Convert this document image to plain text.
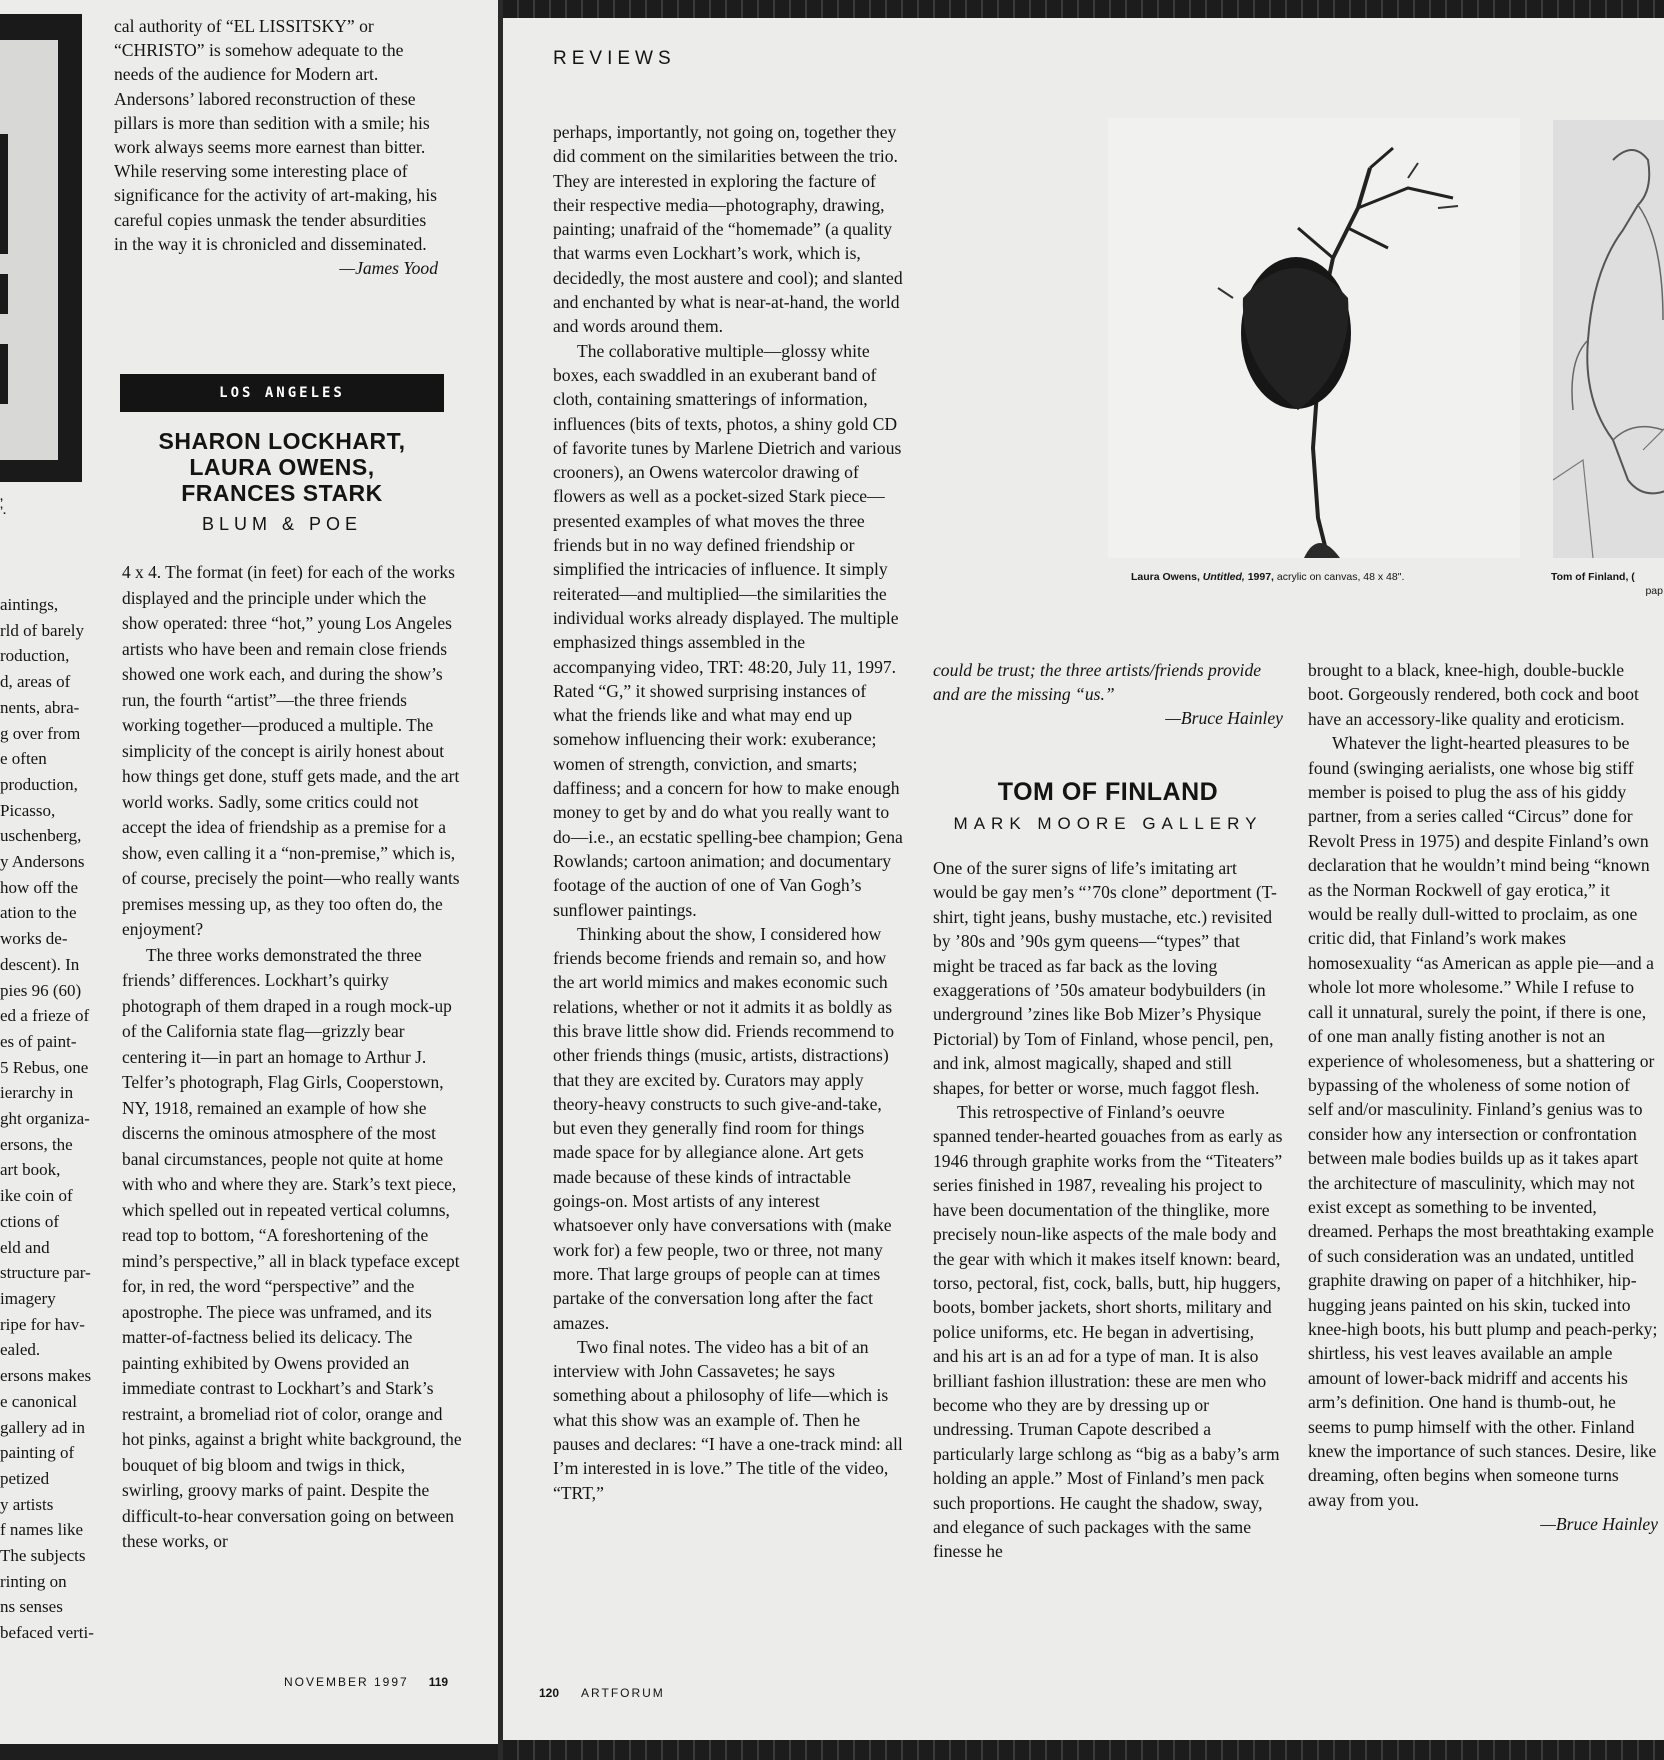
,
’.

cal authority of “EL LISSITSKY” or “CHRISTO” is somehow adequate to the needs of the audience for Modern art. Andersons’ labored reconstruction of these pillars is more than sedition with a smile; his work always seems more earnest than bitter. While reserving some interesting place of significance for the activity of art-making, his careful copies unmask the tender absurdities in the way it is chronicled and disseminated.

—James Yood

LOS ANGELES
SHARON LOCKHART,
LAURA OWENS,
FRANCES STARK
BLUM & POE
aintings,
rld of barely
roduction,
d, areas of
nents, abra-
g over from
e often
production,
Picasso,
uschenberg,
y Andersons
how off the
ation to the
works de-
descent). In
pies 96 (60)
ed a frieze of
es of paint-
5 Rebus, one
ierarchy in
ght organiza-
ersons, the
art book,
ike coin of
ctions of
eld and
structure par-
imagery
ripe for hav-
ealed.
ersons makes
e canonical
gallery ad in
painting of
petized
y artists
f names like
The subjects
rinting on
ns senses
befaced verti-

4 x 4. The format (in feet) for each of the works displayed and the principle under which the show operated: three “hot,” young Los Angeles artists who have been and remain close friends showed one work each, and during the show’s run, the fourth “artist”—the three friends working together—produced a multiple. The simplicity of the concept is airily honest about how things get done, stuff gets made, and the art world works. Sadly, some critics could not accept the idea of friendship as a premise for a show, even calling it a “non-premise,” which is, of course, precisely the point—who really wants premises messing up, as they too often do, the enjoyment?

The three works demonstrated the three friends’ differences. Lockhart’s quirky photograph of them draped in a rough mock-up of the California state flag—grizzly bear centering it—in part an homage to Arthur J. Telfer’s photograph, Flag Girls, Cooperstown, NY, 1918, remained an example of how she discerns the ominous atmosphere of the most banal circumstances, people not quite at home with who and where they are. Stark’s text piece, which spelled out in repeated vertical columns, read top to bottom, “A foreshortening of the mind’s perspective,” all in black typeface except for, in red, the word “perspective” and the apostrophe. The piece was unframed, and its matter-of-factness belied its delicacy. The painting exhibited by Owens provided an immediate contrast to Lockhart’s and Stark’s restraint, a bromeliad riot of color, orange and hot pinks, against a bright white background, the bouquet of big bloom and twigs in thick, swirling, groovy marks of paint. Despite the difficult-to-hear conversation going on between these works, or

NOVEMBER 1997 119
REVIEWS

perhaps, importantly, not going on, together they did comment on the similarities between the trio. They are interested in exploring the facture of their respective media—photography, drawing, painting; unafraid of the “homemade” (a quality that warms even Lockhart’s work, which is, decidedly, the most austere and cool); and slanted and enchanted by what is near-at-hand, the world and words around them.

The collaborative multiple—glossy white boxes, each swaddled in an exuberant band of cloth, containing smatterings of information, influences (bits of texts, photos, a shiny gold CD of favorite tunes by Marlene Dietrich and various crooners), an Owens watercolor drawing of flowers as well as a pocket-sized Stark piece—presented examples of what moves the three friends but in no way defined friendship or simplified the intricacies of influence. It simply reiterated—and multiplied—the similarities the individual works already displayed. The multiple emphasized things assembled in the accompanying video, TRT: 48:20, July 11, 1997. Rated “G,” it showed surprising instances of what the friends like and what may end up somehow influencing their work: exuberance; women of strength, conviction, and smarts; daffiness; and a concern for how to make enough money to get by and do what you really want to do—i.e., an ecstatic spelling-bee champion; Gena Rowlands; cartoon animation; and documentary footage of the auction of one of Van Gogh’s sunflower paintings.

Thinking about the show, I considered how friends become friends and remain so, and how the art world mimics and makes economic such relations, whether or not it admits it as boldly as this brave little show did. Friends recommend to other friends things (music, artists, distractions) that they are excited by. Curators may apply theory-heavy constructs to such give-and-take, but even they generally find room for things made space for by allegiance alone. Art gets made because of these kinds of intractable goings-on. Most artists of any interest whatsoever only have conversations with (make work for) a few people, two or three, not many more. That large groups of people can at times partake of the conversation long after the fact amazes.

Two final notes. The video has a bit of an interview with John Cassavetes; he says something about a philosophy of life—which is what this show was an example of. Then he pauses and declares: “I have a one-track mind: all I’m interested in is love.” The title of the video, “TRT,”

Laura Owens, Untitled, 1997, acrylic on canvas, 48 x 48".	Tom of Finland, (
pap

could be trust; the three artists/friends provide and are the missing “us.”

—Bruce Hainley

TOM OF FINLAND
MARK MOORE GALLERY

One of the surer signs of life’s imitating art would be gay men’s “’70s clone” deportment (T-shirt, tight jeans, bushy mustache, etc.) revisited by ’80s and ’90s gym queens—“types” that might be traced as far back as the loving exaggerations of ’50s amateur bodybuilders (in underground ’zines like Bob Mizer’s Physique Pictorial) by Tom of Finland, whose pencil, pen, and ink, almost magically, shaped and still shapes, for better or worse, much faggot flesh.

This retrospective of Finland’s oeuvre spanned tender-hearted gouaches from as early as 1946 through graphite works from the “Titeaters” series finished in 1987, revealing his project to have been documentation of the thinglike, more precisely noun-like aspects of the male body and the gear with which it makes itself known: beard, torso, pectoral, fist, cock, balls, butt, hip huggers, boots, bomber jackets, short shorts, military and police uniforms, etc. He began in advertising, and his art is an ad for a type of man. It is also brilliant fashion illustration: these are men who become who they are by dressing up or undressing. Truman Capote described a particularly large schlong as “big as a baby’s arm holding an apple.” Most of Finland’s men pack such proportions. He caught the shadow, sway, and elegance of such packages with the same finesse he

brought to a black, knee-high, double-buckle boot. Gorgeously rendered, both cock and boot have an accessory-like quality and eroticism.

Whatever the light-hearted pleasures to be found (swinging aerialists, one whose big stiff member is poised to plug the ass of his giddy partner, from a series called “Circus” done for Revolt Press in 1975) and despite Finland’s own declaration that he wouldn’t mind being “known as the Norman Rockwell of gay erotica,” it would be really dull-witted to proclaim, as one critic did, that Finland’s work makes homosexuality “as American as apple pie—and a whole lot more wholesome.” While I refuse to call it unnatural, surely the point, if there is one, of one man anally fisting another is not an experience of wholesomeness, but a shattering or bypassing of the wholeness of some notion of self and/or masculinity. Finland’s genius was to consider how any intersection or confrontation between male bodies builds up as it takes apart the architecture of masculinity, which may not exist except as something to be invented, dreamed. Perhaps the most breathtaking example of such consideration was an undated, untitled graphite drawing on paper of a hitchhiker, hip-hugging jeans painted on his skin, tucked into knee-high boots, his butt plump and peach-perky; shirtless, his vest leaves available an ample amount of lower-back midriff and accents his arm’s definition. One hand is thumb-out, he seems to pump himself with the other. Finland knew the importance of such stances. Desire, like dreaming, often begins when someone turns away from you.

—Bruce Hainley

120 ARTFORUM
